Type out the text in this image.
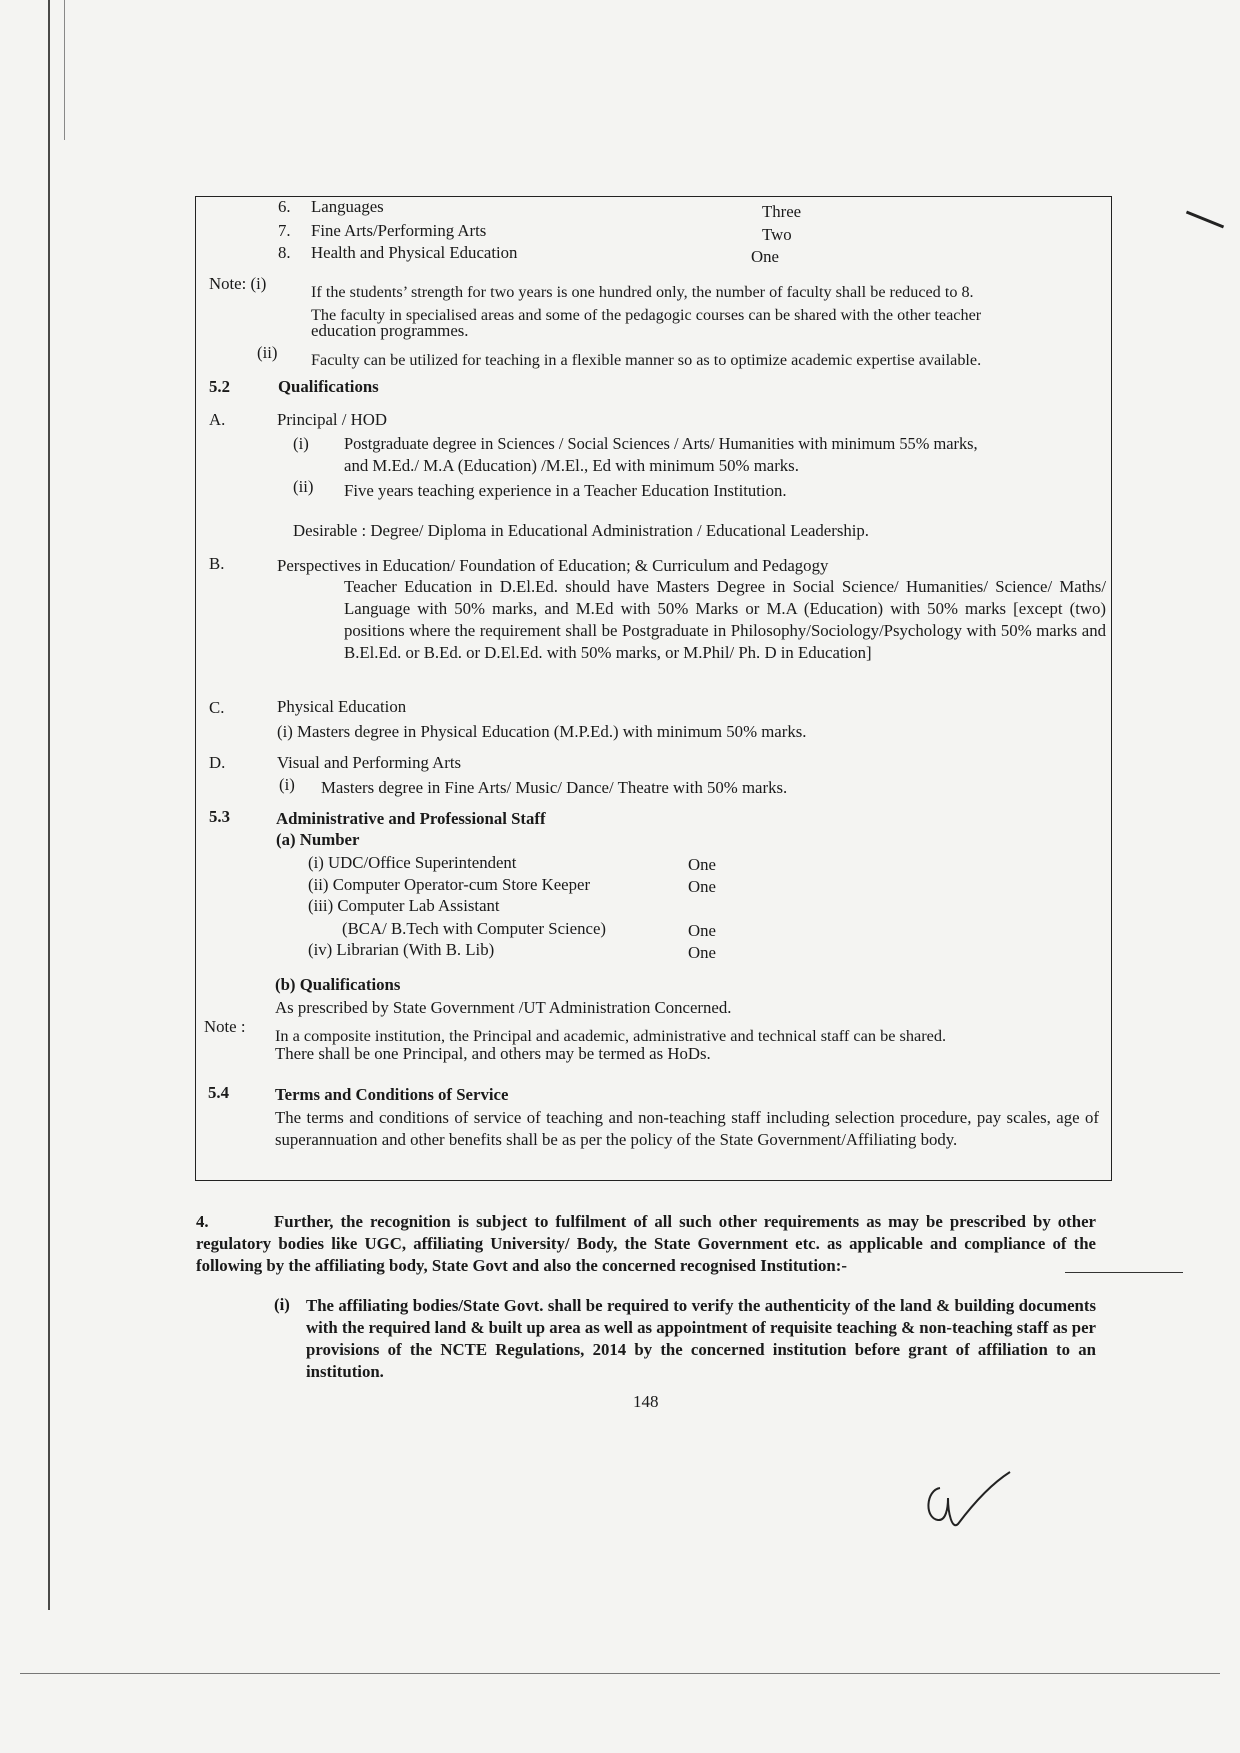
6. Languages	Three
7. Fine Arts/Performing Arts	Two
8. Health and Physical Education	One
Note: (i)	If the students’ strength for two years is one hundred only, the number of faculty shall be reduced to 8.
The faculty in specialised areas and some of the pedagogic courses can be shared with the other teacher
education programmes.
(ii) Faculty can be utilized for teaching in a flexible manner so as to optimize academic expertise available.
5.2	Qualifications
A.	Principal / HOD
(i) Postgraduate degree in Sciences / Social Sciences / Arts/ Humanities with minimum 55% marks,
and M.Ed./ M.A (Education) /M.El., Ed with minimum 50% marks.
(ii) Five years teaching experience in a Teacher Education Institution.
Desirable : Degree/ Diploma in Educational Administration / Educational Leadership.
B.	Perspectives in Education/ Foundation of Education; & Curriculum and Pedagogy
Teacher Education in D.El.Ed. should have Masters Degree in Social Science/ Humanities/ Science/ Maths/ Language with 50% marks, and M.Ed with 50% Marks or M.A (Education) with 50% marks [except (two) positions where the requirement shall be Postgraduate in Philosophy/Sociology/Psychology with 50% marks and B.El.Ed. or B.Ed. or D.El.Ed. with 50% marks, or M.Phil/ Ph. D in Education]
C.	Physical Education
(i) Masters degree in Physical Education (M.P.Ed.) with minimum 50% marks.
D.	Visual and Performing Arts
(i) Masters degree in Fine Arts/ Music/ Dance/ Theatre with 50% marks.
5.3	Administrative and Professional Staff
(a) Number
(i) UDC/Office Superintendent	One
(ii) Computer Operator-cum Store Keeper	One
(iii) Computer Lab Assistant
(BCA/ B.Tech with Computer Science)	One
(iv) Librarian (With B. Lib)	One
(b) Qualifications
As prescribed by State Government /UT Administration Concerned.
Note : In a composite institution, the Principal and academic, administrative and technical staff can be shared.
There shall be one Principal, and others may be termed as HoDs.
5.4	Terms and Conditions of Service
The terms and conditions of service of teaching and non-teaching staff including selection procedure, pay scales, age of superannuation and other benefits shall be as per the policy of the State Government/Affiliating body.
4.	Further, the recognition is subject to fulfilment of all such other requirements as may be prescribed by other regulatory bodies like UGC, affiliating University/ Body, the State Government etc. as applicable and compliance of the following by the affiliating body, State Govt and also the concerned recognised Institution:-
(i) The affiliating bodies/State Govt. shall be required to verify the authenticity of the land & building documents with the required land & built up area as well as appointment of requisite teaching & non-teaching staff as per provisions of the NCTE Regulations, 2014 by the concerned institution before grant of affiliation to an institution.
148
